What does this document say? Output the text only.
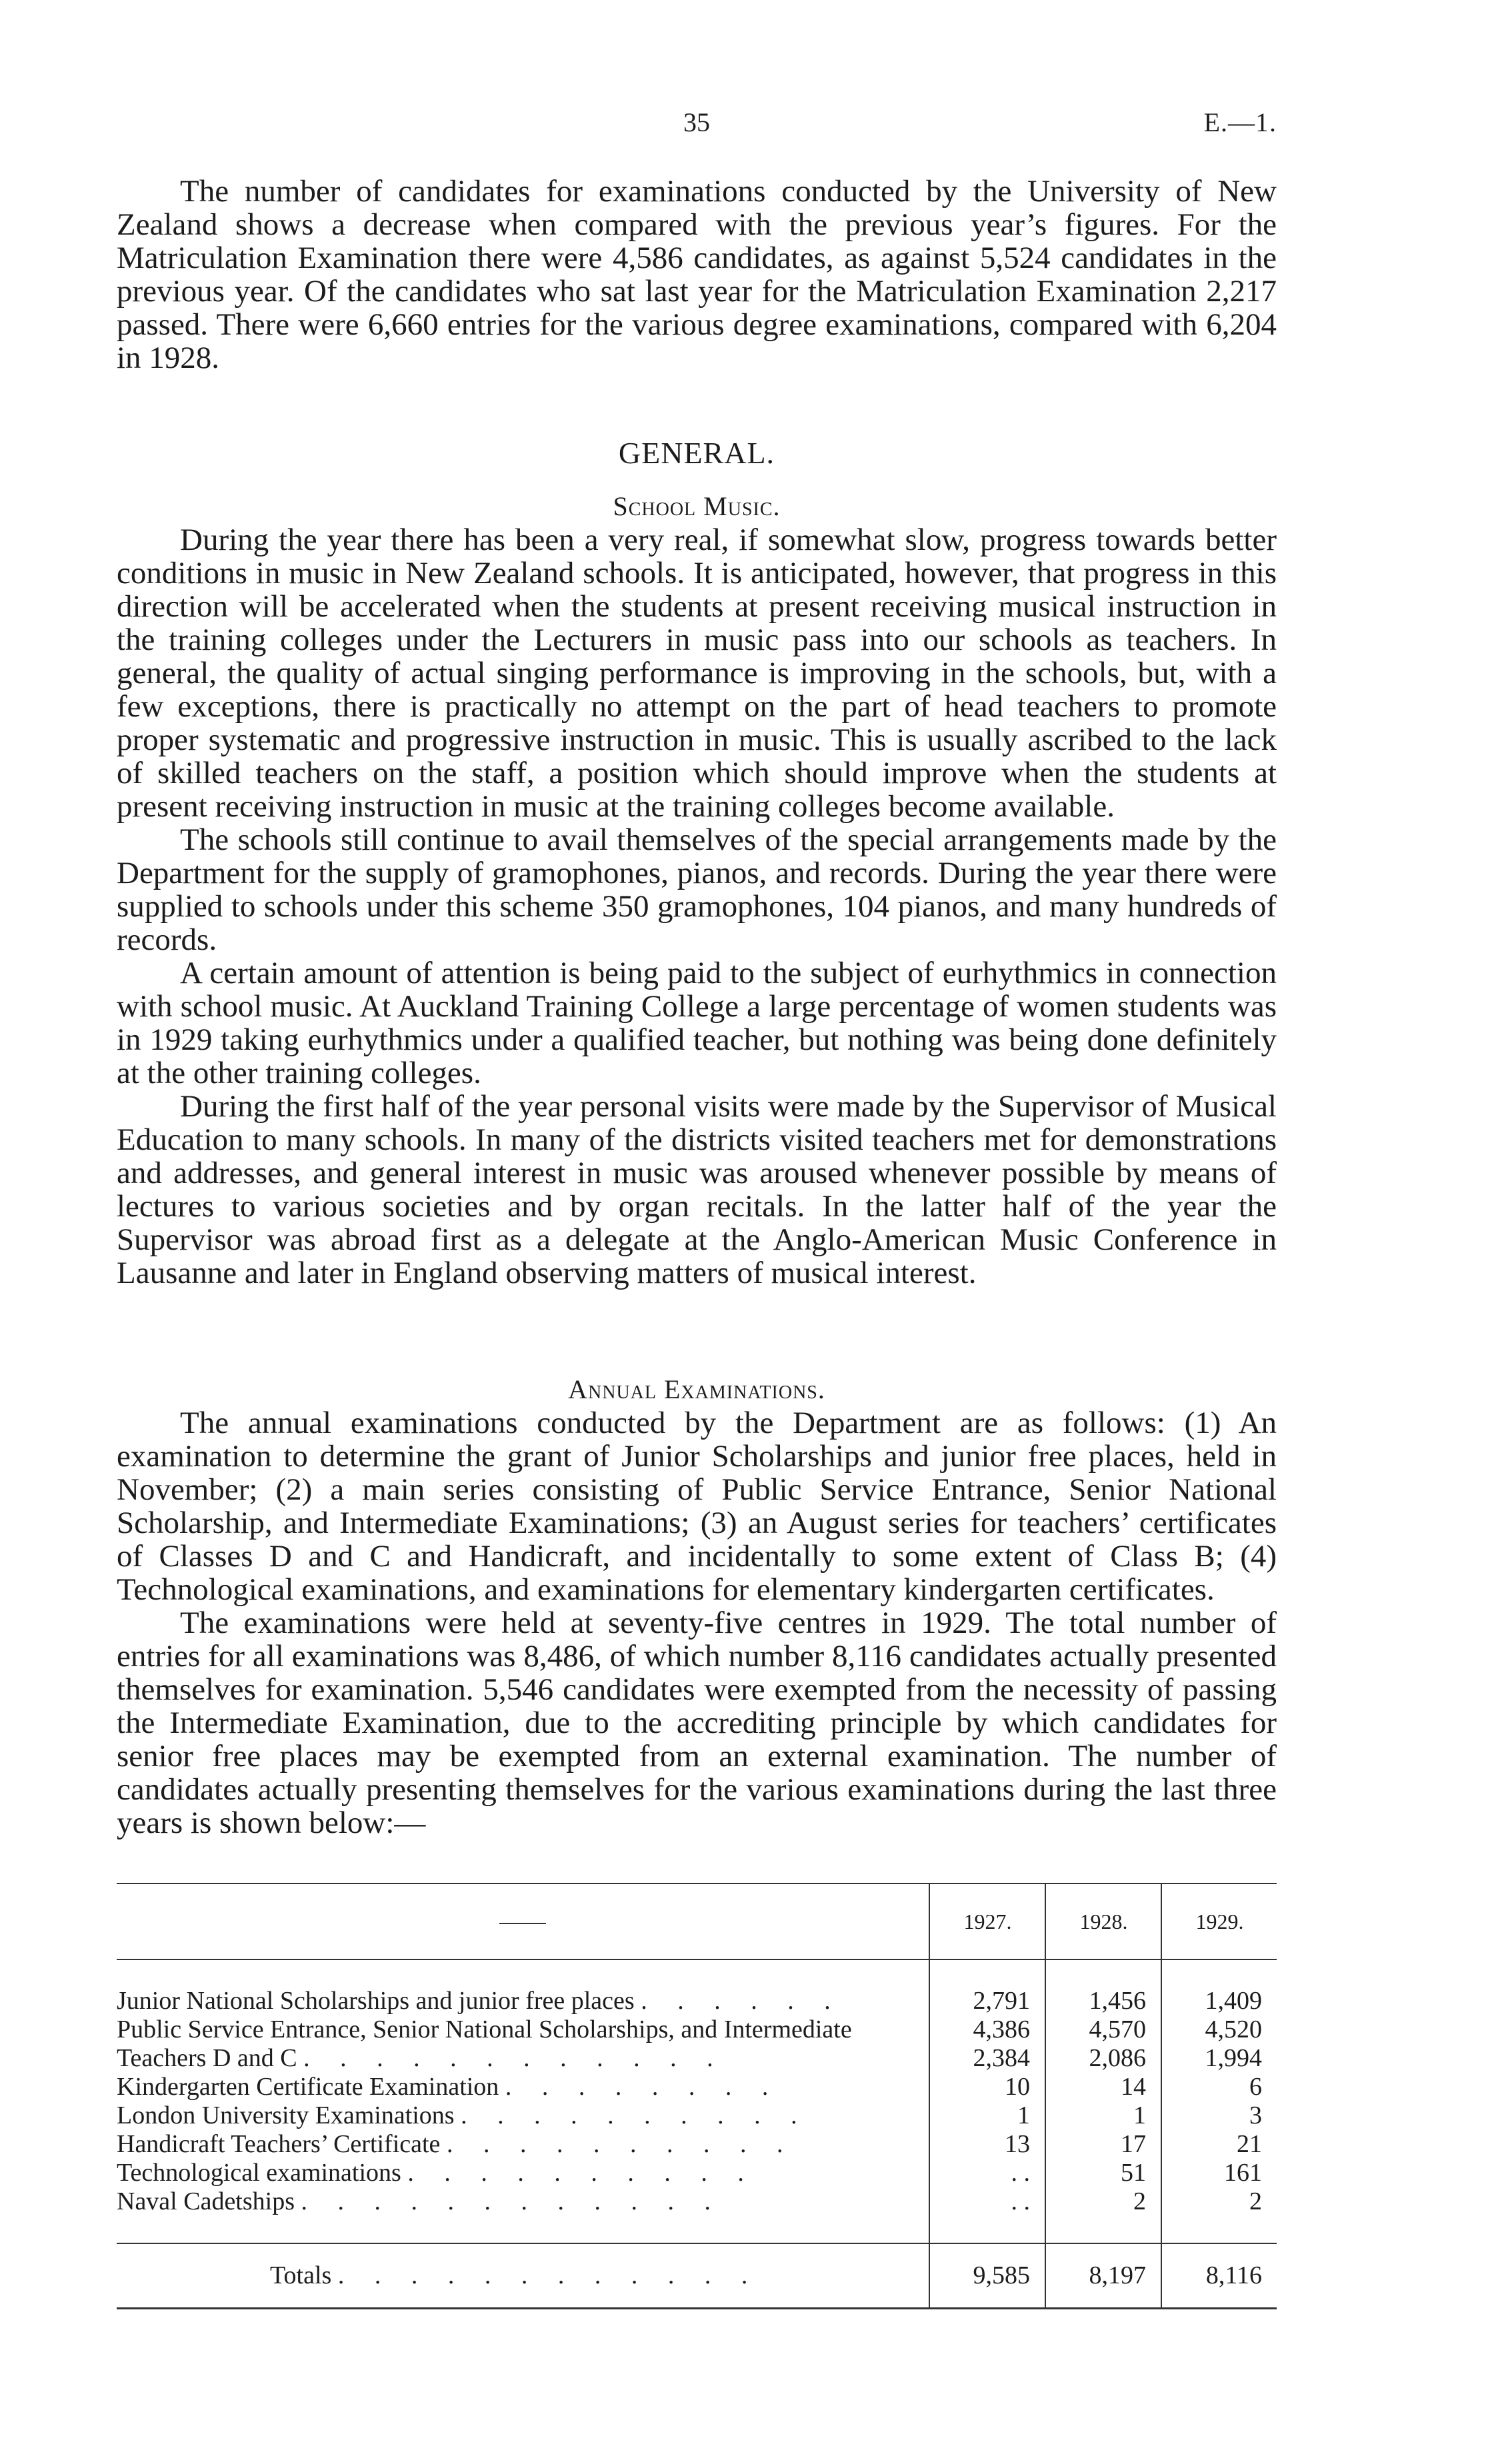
35	E.—1.

The number of candidates for examinations conducted by the University of New Zealand shows a decrease when compared with the previous year’s figures. For the Matriculation Examination there were 4,586 candidates, as against 5,524 candidates in the previous year. Of the candidates who sat last year for the Matriculation Examination 2,217 passed. There were 6,660 entries for the various degree examinations, compared with 6,204 in 1928.

GENERAL.

School Music.

During the year there has been a very real, if somewhat slow, progress towards better conditions in music in New Zealand schools. It is anticipated, however, that progress in this direction will be accelerated when the students at present receiving musical instruction in the training colleges under the Lecturers in music pass into our schools as teachers. In general, the quality of actual singing performance is improving in the schools, but, with a few exceptions, there is practically no attempt on the part of head teachers to promote proper systematic and progressive instruction in music. This is usually ascribed to the lack of skilled teachers on the staff, a position which should improve when the students at present receiving instruction in music at the training colleges become available.

The schools still continue to avail themselves of the special arrangements made by the Department for the supply of gramophones, pianos, and records. During the year there were supplied to schools under this scheme 350 gramophones, 104 pianos, and many hundreds of records.

A certain amount of attention is being paid to the subject of eurhythmics in connection with school music. At Auckland Training College a large percentage of women students was in 1929 taking eurhythmics under a qualified teacher, but nothing was being done definitely at the other training colleges.

During the first half of the year personal visits were made by the Supervisor of Musical Education to many schools. In many of the districts visited teachers met for demonstrations and addresses, and general interest in music was aroused whenever possible by means of lectures to various societies and by organ recitals. In the latter half of the year the Supervisor was abroad first as a delegate at the Anglo-American Music Conference in Lausanne and later in England observing matters of musical interest.

Annual Examinations.

The annual examinations conducted by the Department are as follows: (1) An examination to determine the grant of Junior Scholarships and junior free places, held in November; (2) a main series consisting of Public Service Entrance, Senior National Scholarship, and Intermediate Examinations; (3) an August series for teachers’ certificates of Classes D and C and Handicraft, and incidentally to some extent of Class B; (4) Technological examinations, and examinations for elementary kindergarten certificates.

The examinations were held at seventy-five centres in 1929. The total number of entries for all examinations was 8,486, of which number 8,116 candidates actually presented themselves for examination. 5,546 candidates were exempted from the necessity of passing the Intermediate Examination, due to the accrediting principle by which candidates for senior free places may be exempted from an external examination. The number of candidates actually presenting themselves for the various examinations during the last three years is shown below:—

	1927.	1928.	1929.

Junior National Scholarships and junior free places . . . . . .	2,791	1,456	1,409
Public Service Entrance, Senior National Scholarships, and Intermediate	4,386	4,570	4,520
Teachers D and C . . . . . . . . . . . .	2,384	2,086	1,994
Kindergarten Certificate Examination . . . . . . . .	10	14	6
London University Examinations . . . . . . . . . .	1	1	3
Handicraft Teachers’ Certificate . . . . . . . . . .	13	17	21
Technological examinations . . . . . . . . . .	. .	51	161
Naval Cadetships . . . . . . . . . . . .	. .	2	2

Totals . . . . . . . . . . . .	9,585	8,197	8,116
